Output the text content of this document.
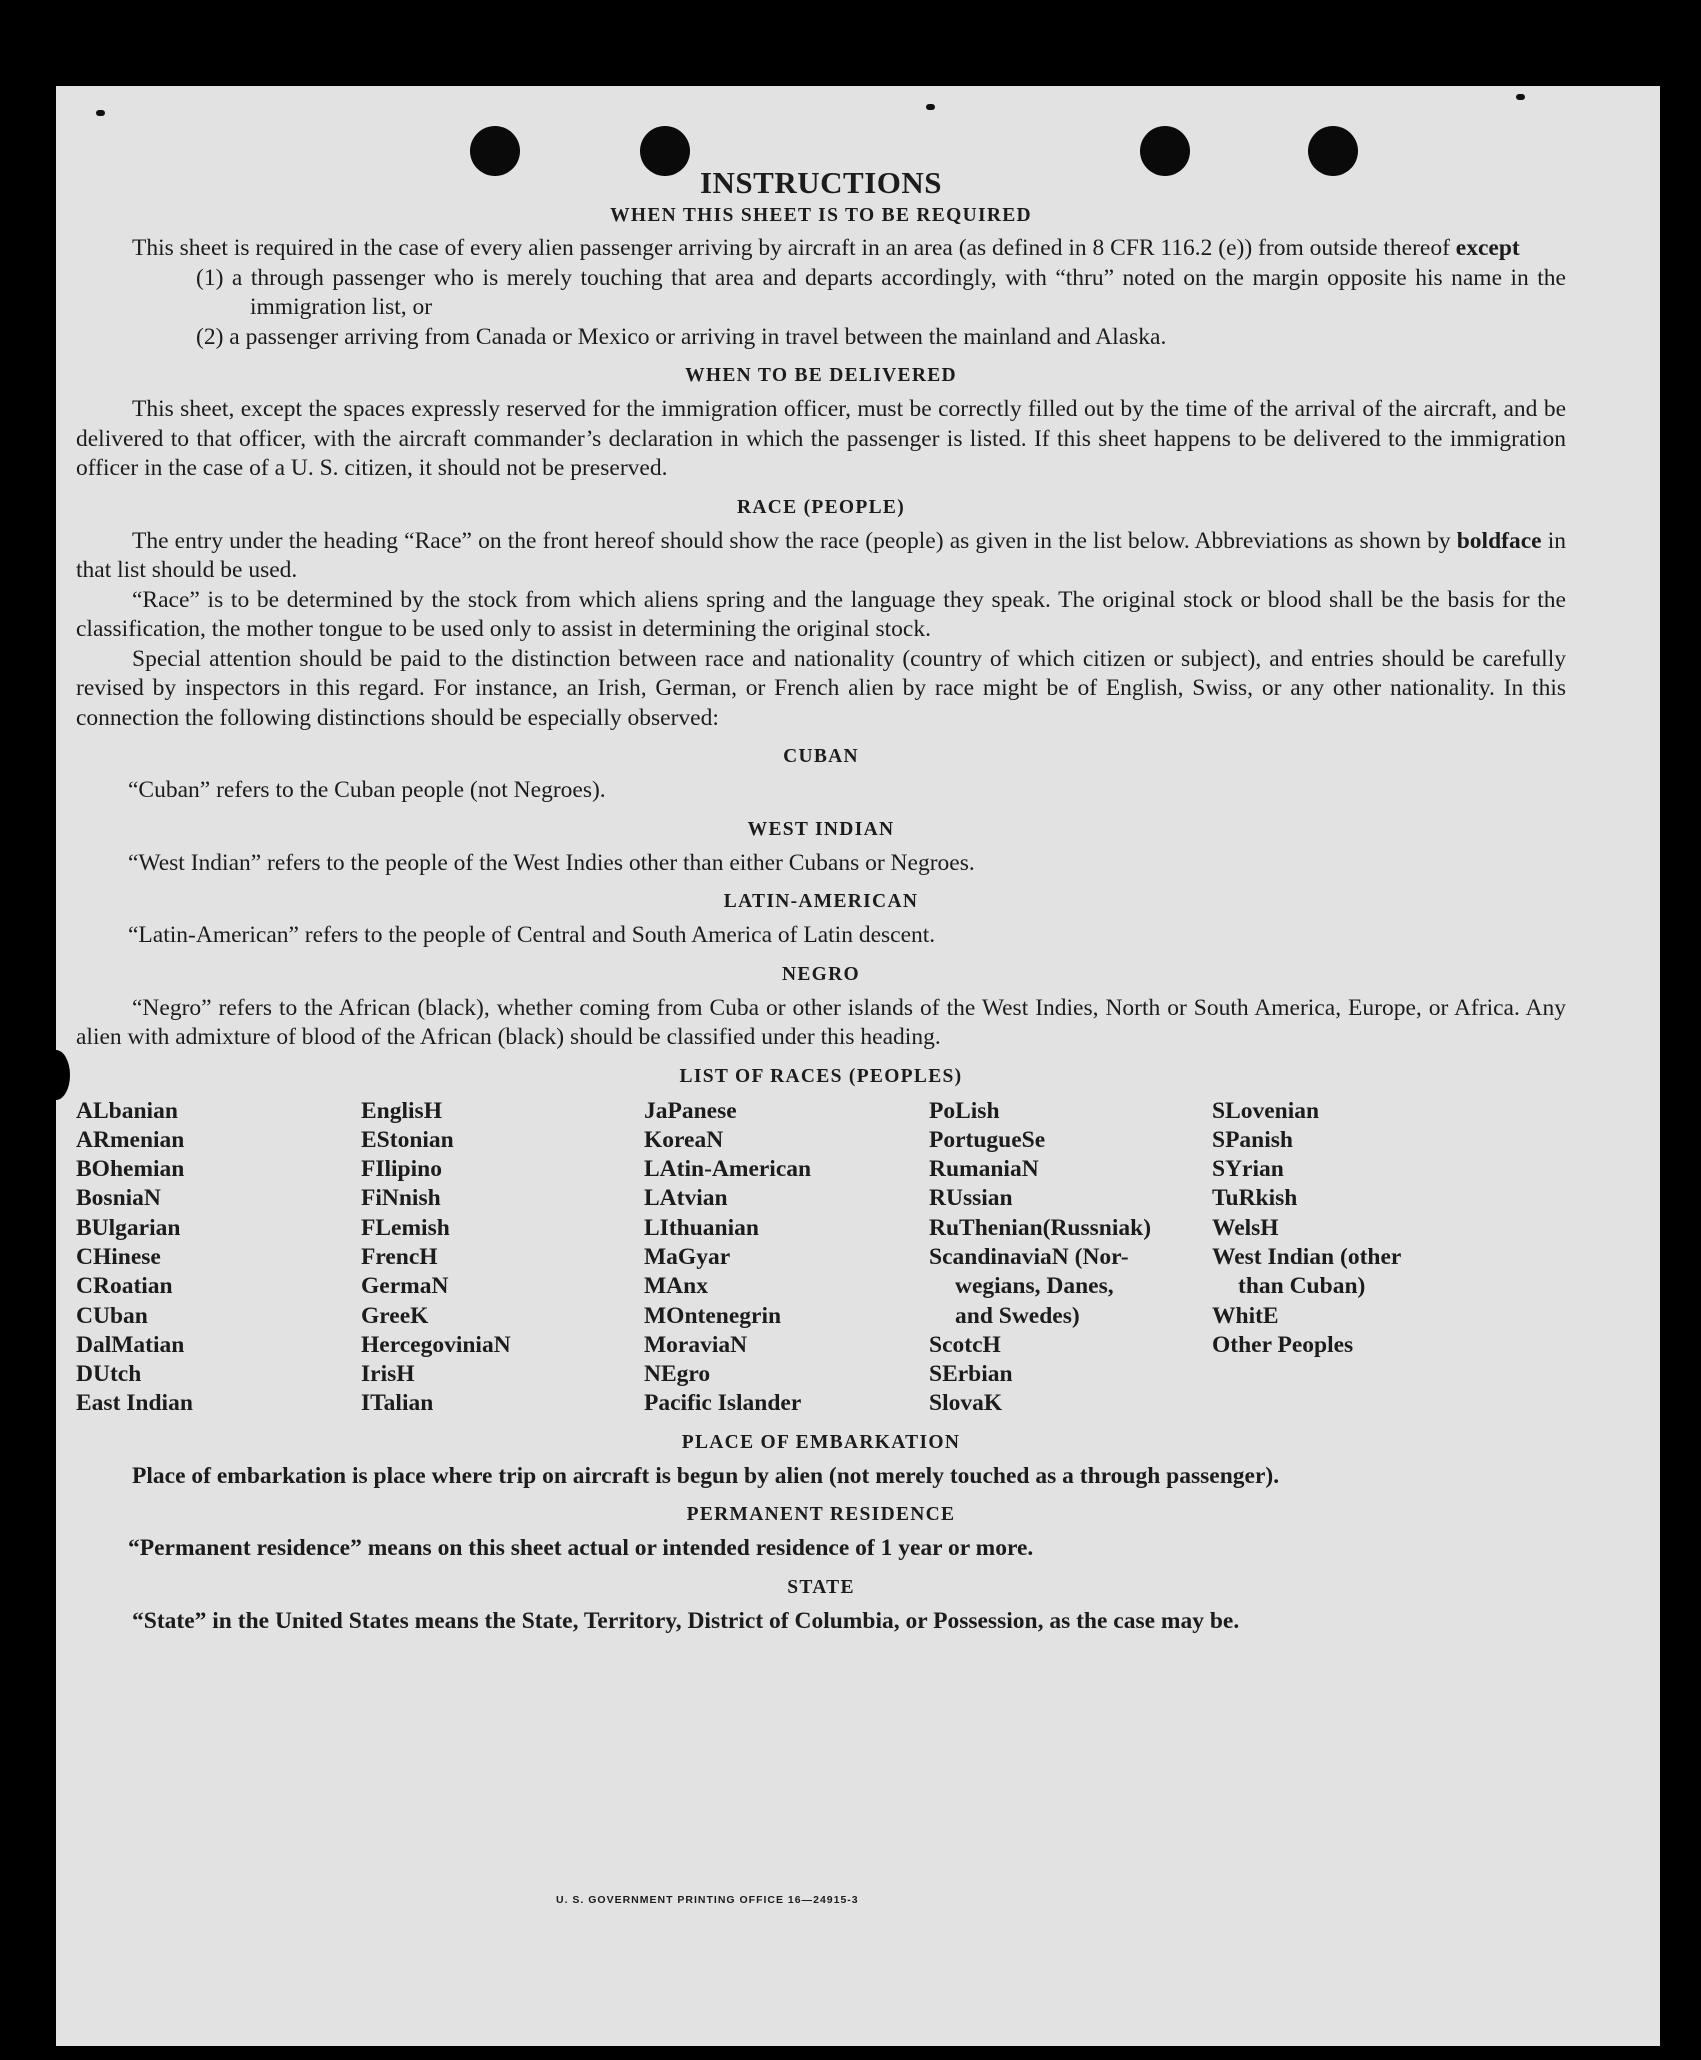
INSTRUCTIONS
WHEN THIS SHEET IS TO BE REQUIRED

This sheet is required in the case of every alien passenger arriving by aircraft in an area (as defined in 8 CFR 116.2 (e)) from outside thereof except

(1) a through passenger who is merely touching that area and departs accordingly, with “thru” noted on the margin opposite his name in the immigration list, or

(2) a passenger arriving from Canada or Mexico or arriving in travel between the mainland and Alaska.

WHEN TO BE DELIVERED

This sheet, except the spaces expressly reserved for the immigration officer, must be correctly filled out by the time of the arrival of the aircraft, and be delivered to that officer, with the aircraft commander’s declaration in which the passenger is listed. If this sheet happens to be delivered to the immigration officer in the case of a U. S. citizen, it should not be preserved.

RACE (PEOPLE)

The entry under the heading “Race” on the front hereof should show the race (people) as given in the list below. Abbreviations as shown by boldface in that list should be used.

“Race” is to be determined by the stock from which aliens spring and the language they speak. The original stock or blood shall be the basis for the classification, the mother tongue to be used only to assist in determining the original stock.

Special attention should be paid to the distinction between race and nationality (country of which citizen or subject), and entries should be carefully revised by inspectors in this regard. For instance, an Irish, German, or French alien by race might be of English, Swiss, or any other nationality. In this connection the following distinctions should be especially observed:

CUBAN

“Cuban” refers to the Cuban people (not Negroes).

WEST INDIAN

“West Indian” refers to the people of the West Indies other than either Cubans or Negroes.

LATIN-AMERICAN

“Latin-American” refers to the people of Central and South America of Latin descent.

NEGRO

“Negro” refers to the African (black), whether coming from Cuba or other islands of the West Indies, North or South America, Europe, or Africa. Any alien with admixture of blood of the African (black) should be classified under this heading.

LIST OF RACES (PEOPLES)
ALbanian
ARmenian
BOhemian
BosniaN
BUlgarian
CHinese
CRoatian
CUban
DalMatian
DUtch
East Indian
EnglisH
EStonian
FIlipino
FiNnish
FLemish
FrencH
GermaN
GreeK
HercegoviniaN
IrisH
ITalian
JaPanese
KoreaN
LAtin-American
LAtvian
LIthuanian
MaGyar
MAnx
MOntenegrin
MoraviaN
NEgro
Pacific Islander
PoLish
PortugueSe
RumaniaN
RUssian
RuThenian(Russniak)
ScandinaviaN (Nor-
wegians, Danes,
and Swedes)
ScotcH
SErbian
SlovaK
SLovenian
SPanish
SYrian
TuRkish
WelsH
West Indian (other
than Cuban)
WhitE
Other Peoples
PLACE OF EMBARKATION

Place of embarkation is place where trip on aircraft is begun by alien (not merely touched as a through passenger).

PERMANENT RESIDENCE

“Permanent residence” means on this sheet actual or intended residence of 1 year or more.

STATE

“State” in the United States means the State, Territory, District of Columbia, or Possession, as the case may be.

U. S. GOVERNMENT PRINTING OFFICE 16—24915-3
